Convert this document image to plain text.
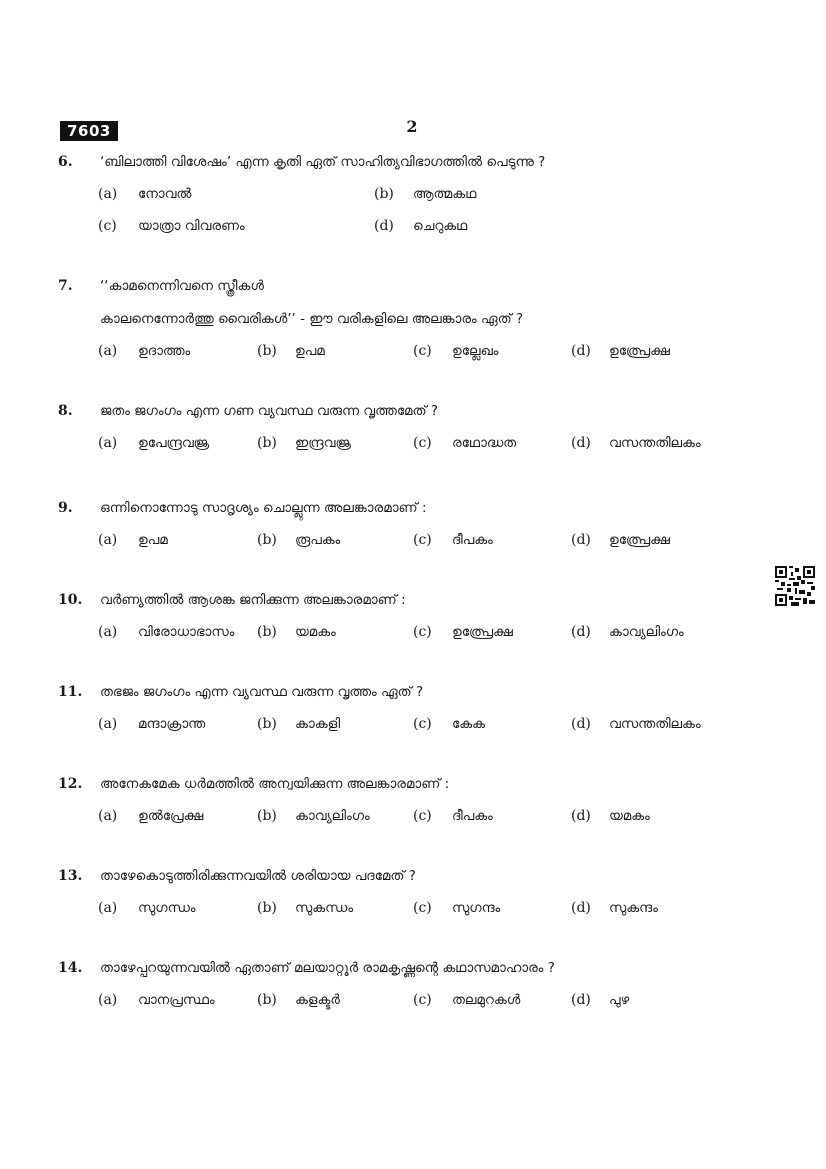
7603	2
6. ‘ബിലാത്തി വിശേഷം’ എന്ന കൃതി ഏത് സാഹിത്യവിഭാഗത്തിൽ പെടുന്നു ?
(a) നോവൽ	(b) ആത്മകഥ
(c) യാത്രാ വിവരണം	(d) ചെറുകഥ
7. ‘‘കാമനെന്നിവനെ സ്ത്രീകൾ
കാലനെന്നോർത്തു വൈരികൾ’’ - ഈ വരികളിലെ അലങ്കാരം ഏത് ?
(a) ഉദാത്തം	(b) ഉപമ	(c) ഉല്ലേഖം	(d) ഉത്പ്രേക്ഷ
8. ജതം ജഗംഗം എന്ന ഗണ വ്യവസ്ഥ വരുന്ന വൃത്തമേത് ?
(a) ഉപേന്ദ്രവജ്ര	(b) ഇന്ദ്രവജ്ര	(c) രഥോദ്ധത	(d) വസന്തതിലകം
9. ഒന്നിനൊന്നോടു സാദൃശ്യം ചൊല്ലുന്ന അലങ്കാരമാണ് :
(a) ഉപമ	(b) രൂപകം	(c) ദീപകം	(d) ഉത്പ്രേക്ഷ
10. വർണ്യത്തിൽ ആശങ്ക ജനിക്കുന്ന അലങ്കാരമാണ് :
(a) വിരോധാഭാസം (b) യമകം	(c) ഉത്പ്രേക്ഷ	(d) കാവ്യലിംഗം
11. തഭജം ജഗംഗം എന്ന വ്യവസ്ഥ വരുന്ന വൃത്തം ഏത് ?
(a) മന്ദാക്രാന്ത	(b) കാകളി	(c) കേക	(d) വസന്തതിലകം
12. അനേകമേക ധർമത്തിൽ അന്വയിക്കുന്ന അലങ്കാരമാണ് :
(a) ഉൽപ്രേക്ഷ	(b) കാവ്യലിംഗം	(c) ദീപകം	(d) യമകം
13. താഴേകൊടുത്തിരിക്കുന്നവയിൽ ശരിയായ പദമേത് ?
(a) സുഗന്ധം	(b) സുകന്ധം	(c) സുഗന്ദം	(d) സുകന്ദം
14. താഴേപ്പറയുന്നവയിൽ ഏതാണ് മലയാറ്റൂർ രാമകൃഷ്ണന്റെ കഥാസമാഹാരം ?
(a) വാനപ്രസ്ഥം	(b) കളക്ടർ	(c) തലമുറകൾ	(d) പുഴ
